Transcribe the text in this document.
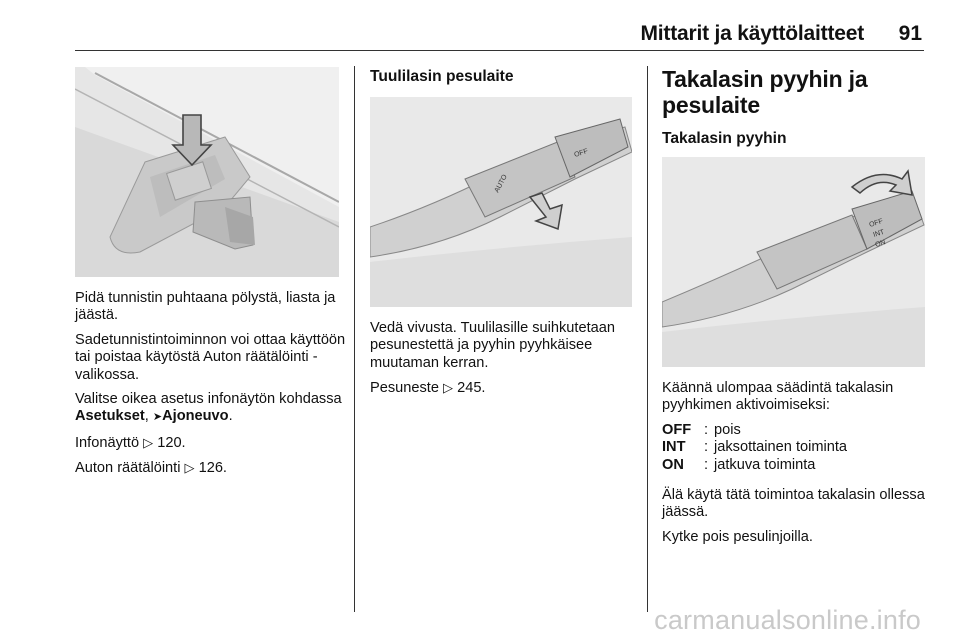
Mittarit ja käyttölaitteet 91

Pidä tunnistin puhtaana pölystä, liasta ja jäästä.

Sadetunnistintoiminnon voi ottaa käyttöön tai poistaa käytöstä Auton räätälöinti -valikossa.

Valitse oikea asetus infonäytön kohdassa Asetukset, ➤Ajoneuvo.

Infonäyttö ▷ 120.

Auton räätälöinti ▷ 126.

Tuulilasin pesulaite
OFF
AUTO

Vedä vivusta. Tuulilasille suihkutetaan pesunestettä ja pyyhin pyyhkäisee muutaman kerran.

Pesuneste ▷ 245.

Takalasin pyyhin ja pesulaite
Takalasin pyyhin
OFF
INT
ON

Käännä ulompaa säädintä takalasin pyyhkimen aktivoimiseksi:

OFF : pois
INT	: jaksottainen toiminta
ON	: jatkuva toiminta

Älä käytä tätä toimintoa takalasin ollessa jäässä.

Kytke pois pesulinjoilla.

carmanualsonline.info
